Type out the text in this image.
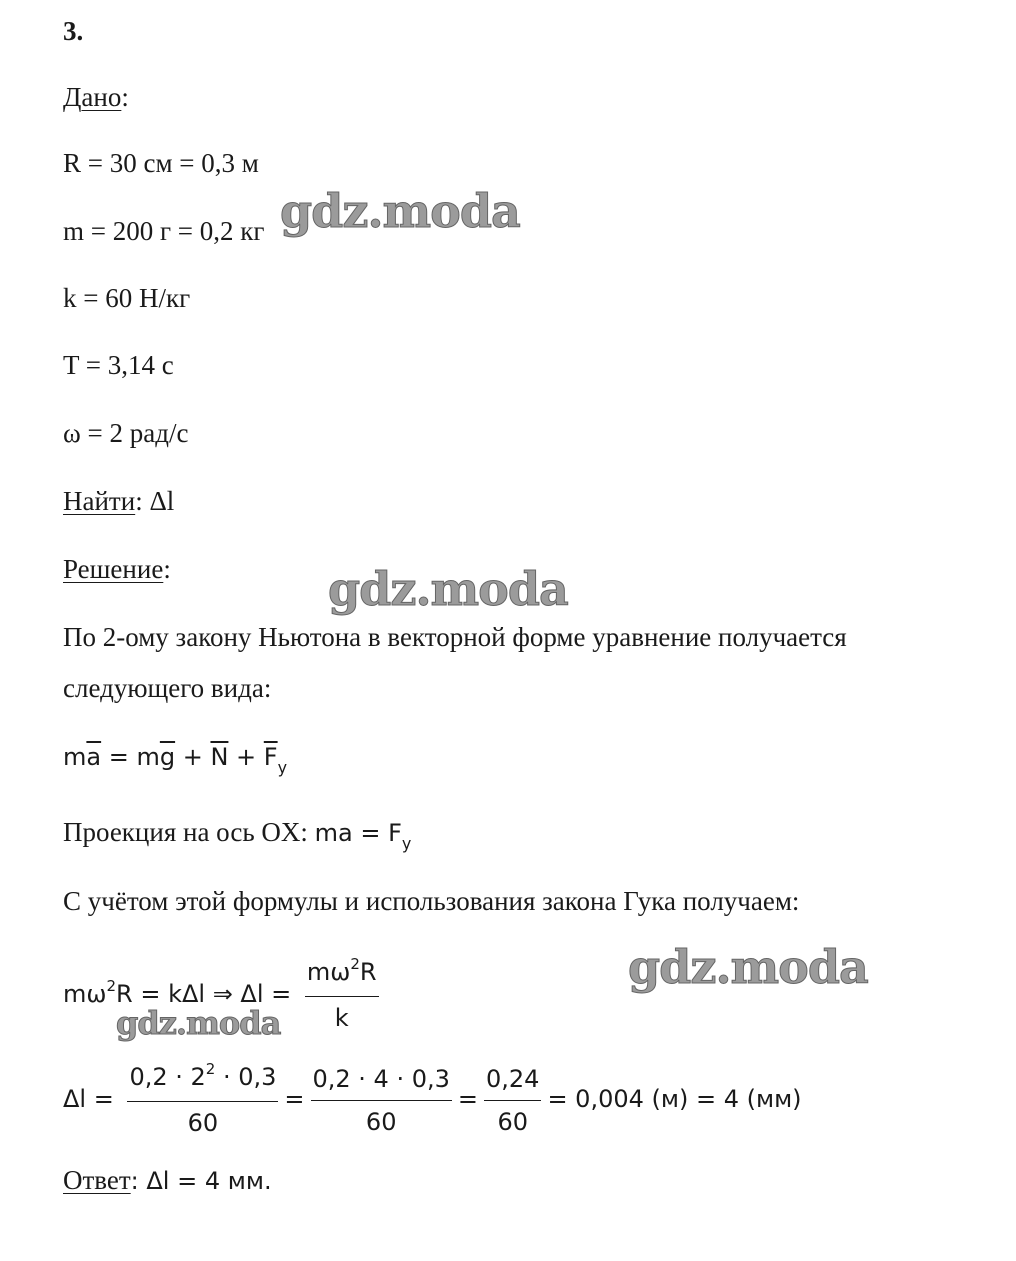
3.
Дано:
R = 30 см = 0,3 м
m = 200 г = 0,2 кг
k = 60 Н/кг
T = 3,14 с
ω = 2 рад/с
Найти: Δl
Решение:
По 2-ому закону Ньютона в векторной форме уравнение получается
следующего вида:
$m\overline{a} = m\overline{g} + \overline{N} + \overline{F}_y$
Проекция на ось OX: ma = $F_y$
С учётом этой формулы и использования закона Гука получаем:
$m\omega^2R = k\Delta l$ ⇒ $\Delta l = \frac{m\omega^2R}{k}$
$\Delta l = \frac{0,2 \cdot 2^2 \cdot 0,3}{60} = \frac{0,2 \cdot 4 \cdot 0,3}{60} = \frac{0,24}{60} = 0,004$ (м) = 4 (мм)
Ответ: Δl = 4 мм.
gdz.moda
gdz.moda
gdz.moda
gdz.moda
